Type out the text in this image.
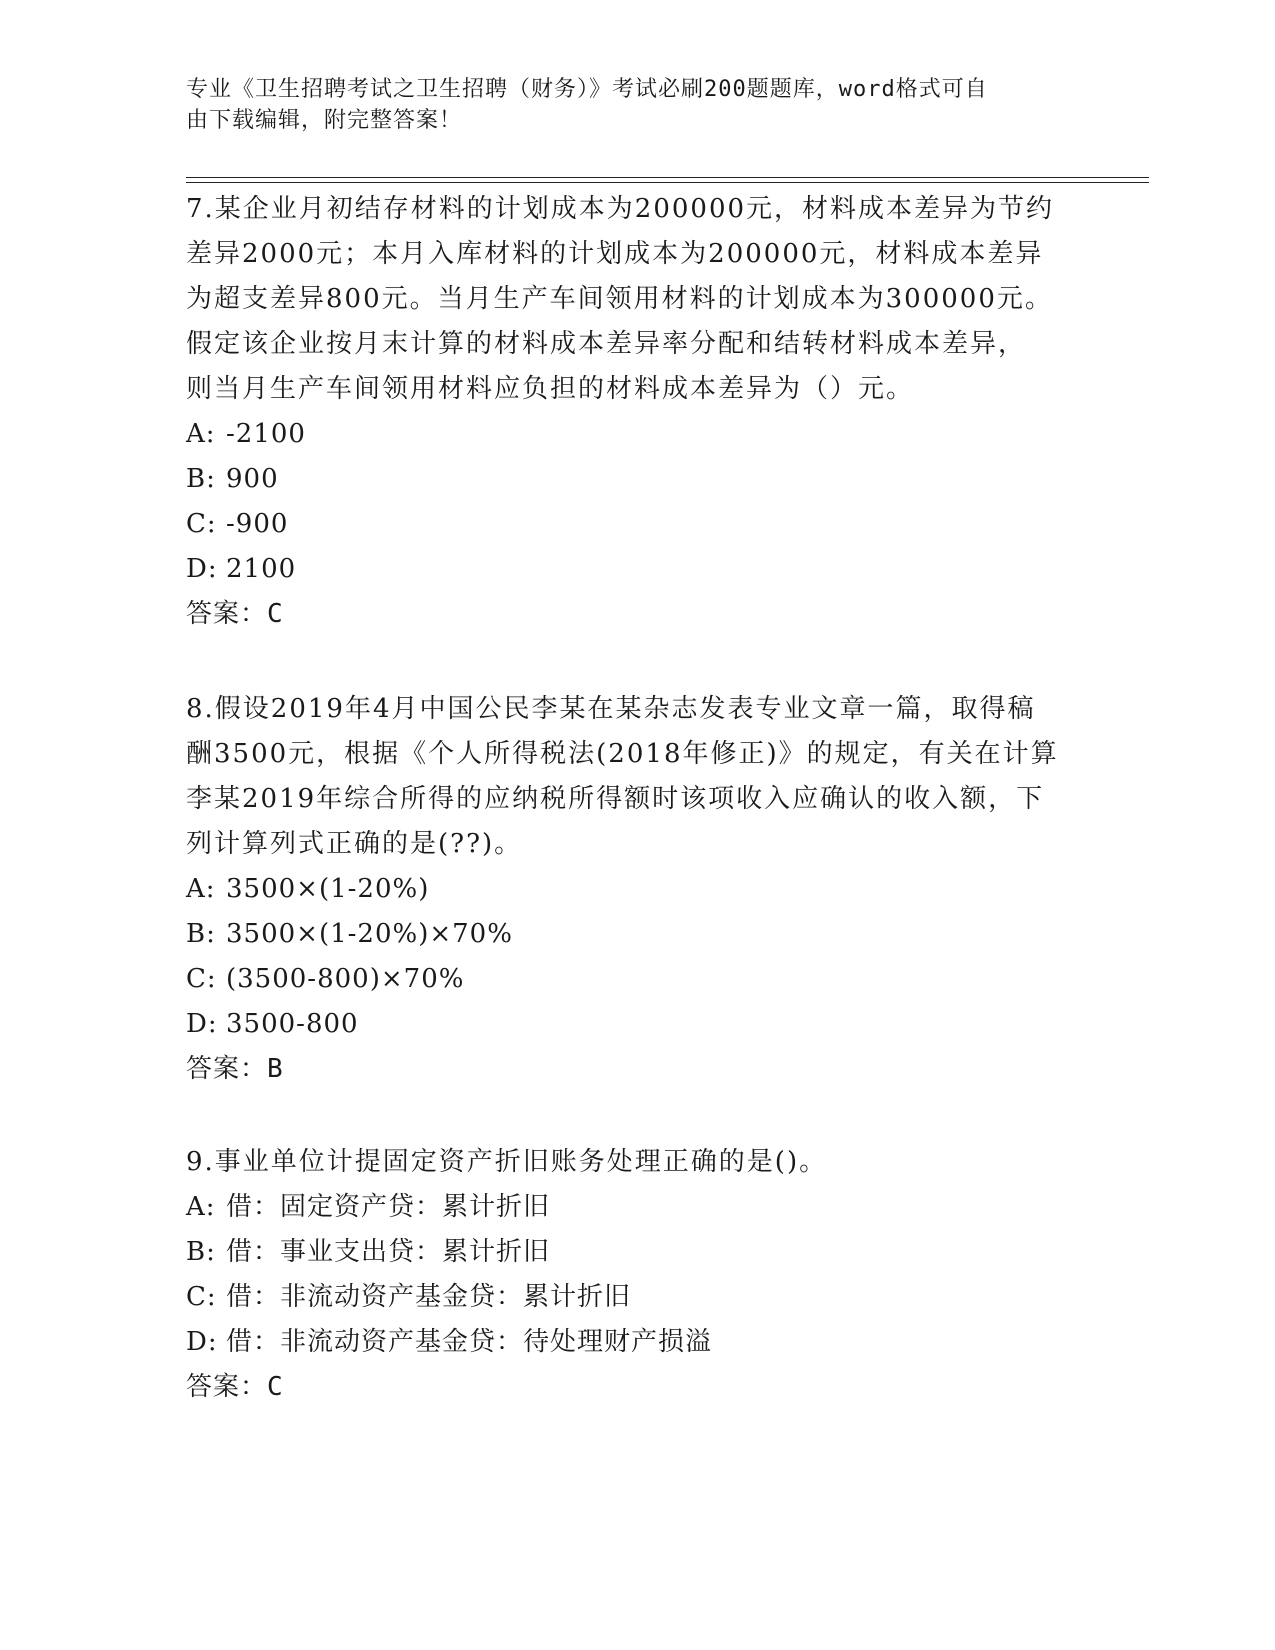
专业《卫生招聘考试之卫生招聘（财务）》考试必刷200题题库，word格式可自
由下载编辑，附完整答案！
7.某企业月初结存材料的计划成本为200000元，材料成本差异为节约
差异2000元；本月入库材料的计划成本为200000元，材料成本差异
为超支差异800元。当月生产车间领用材料的计划成本为300000元。
假定该企业按月末计算的材料成本差异率分配和结转材料成本差异，
则当月生产车间领用材料应负担的材料成本差异为（）元。
A: -2100
B: 900
C: -900
D: 2100
答案：C
8.假设2019年4月中国公民李某在某杂志发表专业文章一篇，取得稿
酬3500元，根据《个人所得税法(2018年修正)》的规定，有关在计算
李某2019年综合所得的应纳税所得额时该项收入应确认的收入额，下
列计算列式正确的是(??)。
A: 3500×(1-20%)
B: 3500×(1-20%)×70%
C: (3500-800)×70%
D: 3500-800
答案：B
9.事业单位计提固定资产折旧账务处理正确的是()。
A: 借：固定资产贷：累计折旧
B: 借：事业支出贷：累计折旧
C: 借：非流动资产基金贷：累计折旧
D: 借：非流动资产基金贷：待处理财产损溢
答案：C
